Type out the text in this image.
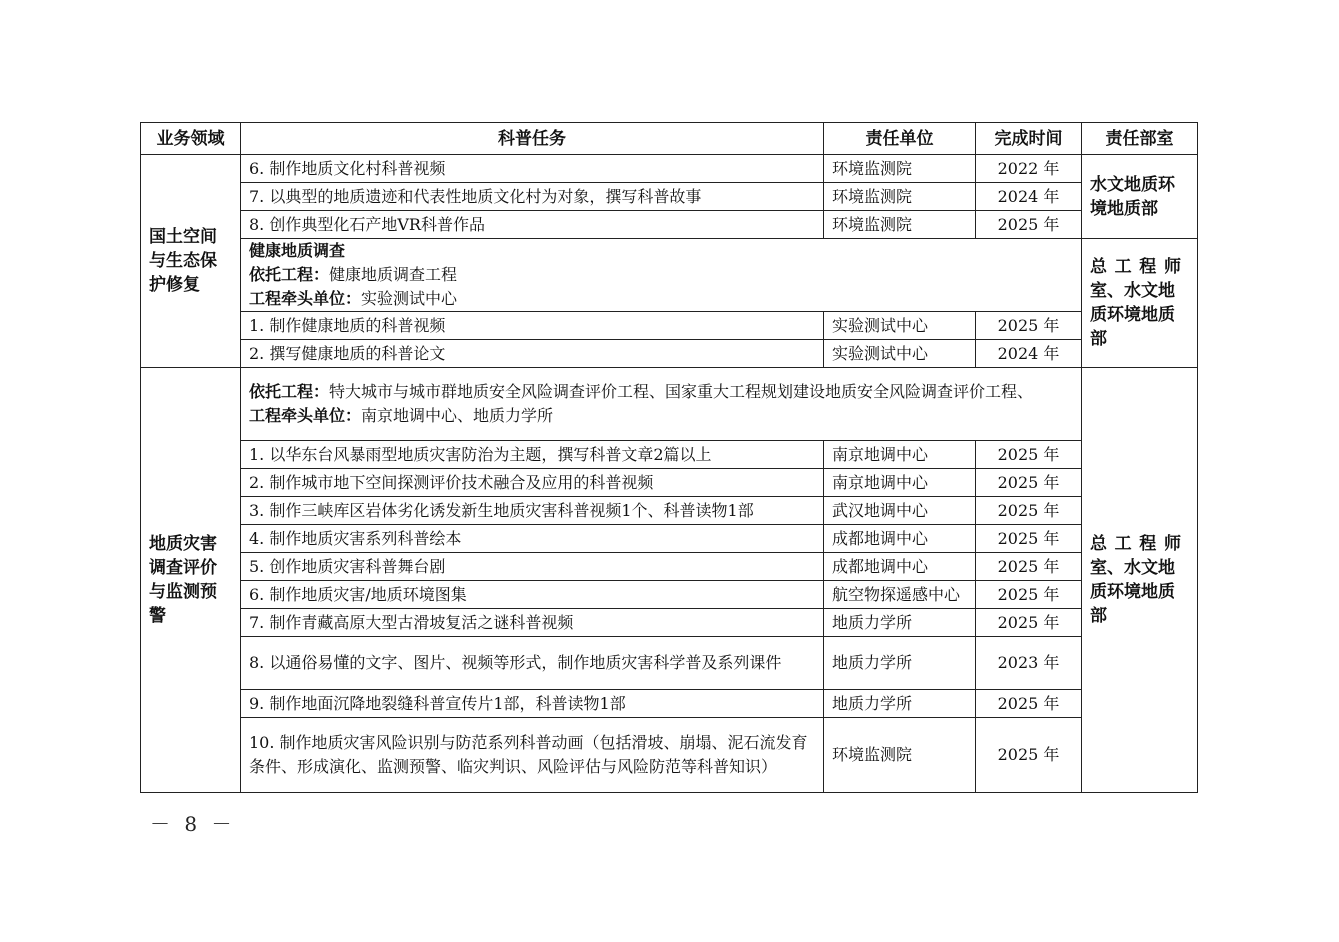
业务领域	科普任务	责任单位	完成时间	责任部室
国土空间与生态保护修复	6. 制作地质文化村科普视频	环境监测院	2022 年	水文地质环境地质部
	7. 以典型的地质遗迹和代表性地质文化村为对象，撰写科普故事	环境监测院	2024 年	
	8. 创作典型化石产地VR科普作品	环境监测院	2025 年	

	健康地质调查
依托工程：健康地质调查工程
工程牵头单位：实验测试中心			总工程师室、水文地质环境地质部
	1. 制作健康地质的科普视频	实验测试中心	2025 年	
	2. 撰写健康地质的科普论文	实验测试中心	2024 年	
地质灾害调查评价与监测预警	依托工程：特大城市与城市群地质安全风险调查评价工程、国家重大工程规划建设地质安全风险调查评价工程、
工程牵头单位：南京地调中心、地质力学所			总工程师室、水文地质环境地质部
	1. 以华东台风暴雨型地质灾害防治为主题，撰写科普文章2篇以上	南京地调中心	2025 年	
	2. 制作城市地下空间探测评价技术融合及应用的科普视频	南京地调中心	2025 年	
	3. 制作三峡库区岩体劣化诱发新生地质灾害科普视频1个、科普读物1部	武汉地调中心	2025 年	
	4. 制作地质灾害系列科普绘本	成都地调中心	2025 年	
	5. 创作地质灾害科普舞台剧	成都地调中心	2025 年	
	6. 制作地质灾害/地质环境图集	航空物探遥感中心	2025 年	
	7. 制作青藏高原大型古滑坡复活之谜科普视频	地质力学所	2025 年	
	8. 以通俗易懂的文字、图片、视频等形式，制作地质灾害科学普及系列课件	地质力学所	2023 年	
	9. 制作地面沉降地裂缝科普宣传片1部，科普读物1部	地质力学所	2025 年	
	10. 制作地质灾害风险识别与防范系列科普动画（包括滑坡、崩塌、泥石流发育条件、形成演化、监测预警、临灾判识、风险评估与风险防范等科普知识）	环境监测院	2025 年	
－ 8 －
